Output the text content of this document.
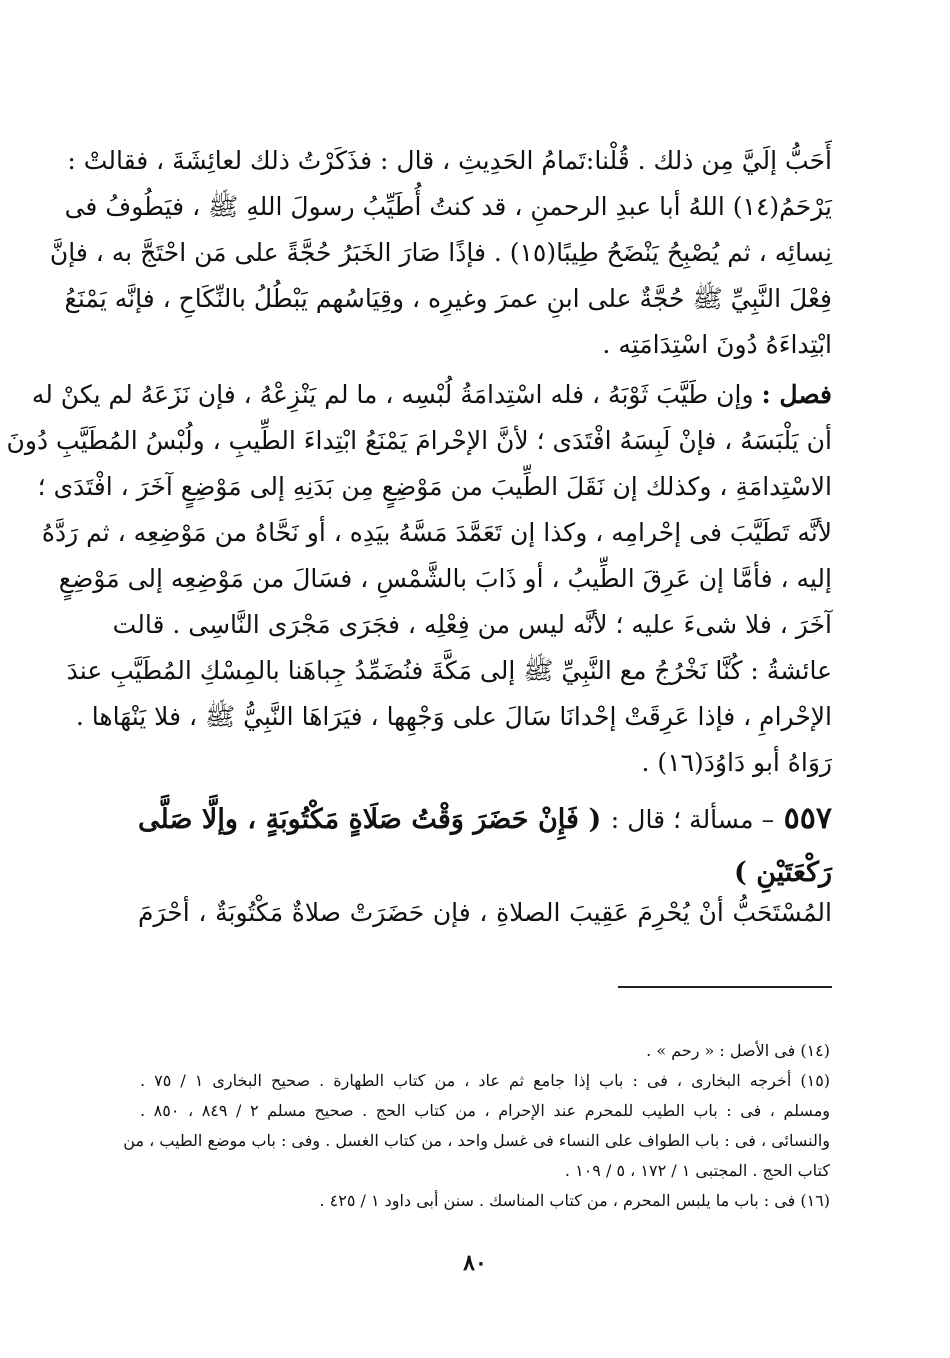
أَحَبُّ إلَيَّ مِن ذلك . قُلْنا:تَمامُ الحَدِيثِ ، قال : فذَكَرْتُ ذلك لعائِشَةَ ، فقالتْ :
يَرْحَمُ(١٤) اللهُ أبا عبدِ الرحمنِ ، قد كنتُ أُطَيِّبُ رسولَ اللهِ ﷺ ، فيَطُوفُ فى
نِسائِه ، ثم يُصْبِحُ يَنْضَحُ طِيبًا(١٥) . فإذًا صَارَ الخَبَرُ حُجَّةً على مَن احْتَجَّ به ، فإنَّ
فِعْلَ النَّبِيِّ ﷺ حُجَّةٌ على ابنِ عمرَ وغيرِه ، وقِيَاسُهم يَبْطُلُ بالنِّكَاحِ ، فإنَّه يَمْنَعُ
ابْتِداءَهُ دُونَ اسْتِدَامَتِه .
فصل : وإن طَيَّبَ ثَوْبَهُ ، فله اسْتِدامَةُ لُبْسِه ، ما لم يَنْزِعْهُ ، فإن نَزَعَهُ لم يكنْ له
أن يَلْبَسَهُ ، فإنْ لَبِسَهُ افْتَدَى ؛ لأنَّ الإحْرامَ يَمْنَعُ ابْتِداءَ الطِّيبِ ، ولُبْسُ المُطَيَّبِ دُونَ
الاسْتِدامَةِ ، وكذلك إن نَقَلَ الطِّيبَ من مَوْضِعٍ مِن بَدَنِهِ إلى مَوْضِعٍ آخَرَ ، افْتَدَى ؛
لأنَّه تَطَيَّبَ فى إحْرامِه ، وكذا إن تَعَمَّدَ مَسَّهُ بيَدِه ، أو نَحَّاهُ من مَوْضِعِه ، ثم رَدَّهُ
إليه ، فأمَّا إن عَرِقَ الطِّيبُ ، أو ذَابَ بالشَّمْسِ ، فسَالَ من مَوْضِعِه إلى مَوْضِعٍ
آخَرَ ، فلا شىءَ عليه ؛ لأنَّه ليس من فِعْلِه ، فجَرَى مَجْرَى النَّاسِى . قالت
عائشةُ : كُنَّا نَخْرُجُ مع النَّبِيِّ ﷺ إلى مَكَّةَ فنُضَمِّدُ جِباهَنا بالمِسْكِ المُطَيَّبِ عندَ
الإحْرامِ ، فإذا عَرِقَتْ إحْدانَا سَالَ على وَجْهِها ، فيَرَاهَا النَّبِيُّ ﷺ ، فلا يَنْهَاها .
رَوَاهُ أبو دَاوُدَ(١٦) .
٥٥٧ – مسألة ؛ قال : ( فَإِنْ حَضَرَ وَقْتُ صَلَاةٍ مَكْتُوبَةٍ ، وإلَّا صَلَّى
رَكْعَتَيْنِ )
المُسْتَحَبُّ أنْ يُحْرِمَ عَقِيبَ الصلاةِ ، فإن حَضَرَتْ صلاةٌ مَكْتُوبَةٌ ، أحْرَمَ
(١٤) فى الأصل : « رحم » .
(١٥) أخرجه البخارى ، فى : باب إذا جامع ثم عاد ، من كتاب الطهارة . صحيح البخارى ١ / ٧٥ .
ومسلم ، فى : باب الطيب للمحرم عند الإحرام ، من كتاب الحج . صحيح مسلم ٢ / ٨٤٩ ، ٨٥٠ .
والنسائى ، فى : باب الطواف على النساء فى غسل واحد ، من كتاب الغسل . وفى : باب موضع الطيب ، من
كتاب الحج . المجتبى ١ / ١٧٢ ، ٥ / ١٠٩ .
(١٦) فى : باب ما يلبس المحرم ، من كتاب المناسك . سنن أبى داود ١ / ٤٢٥ .
٨٠
